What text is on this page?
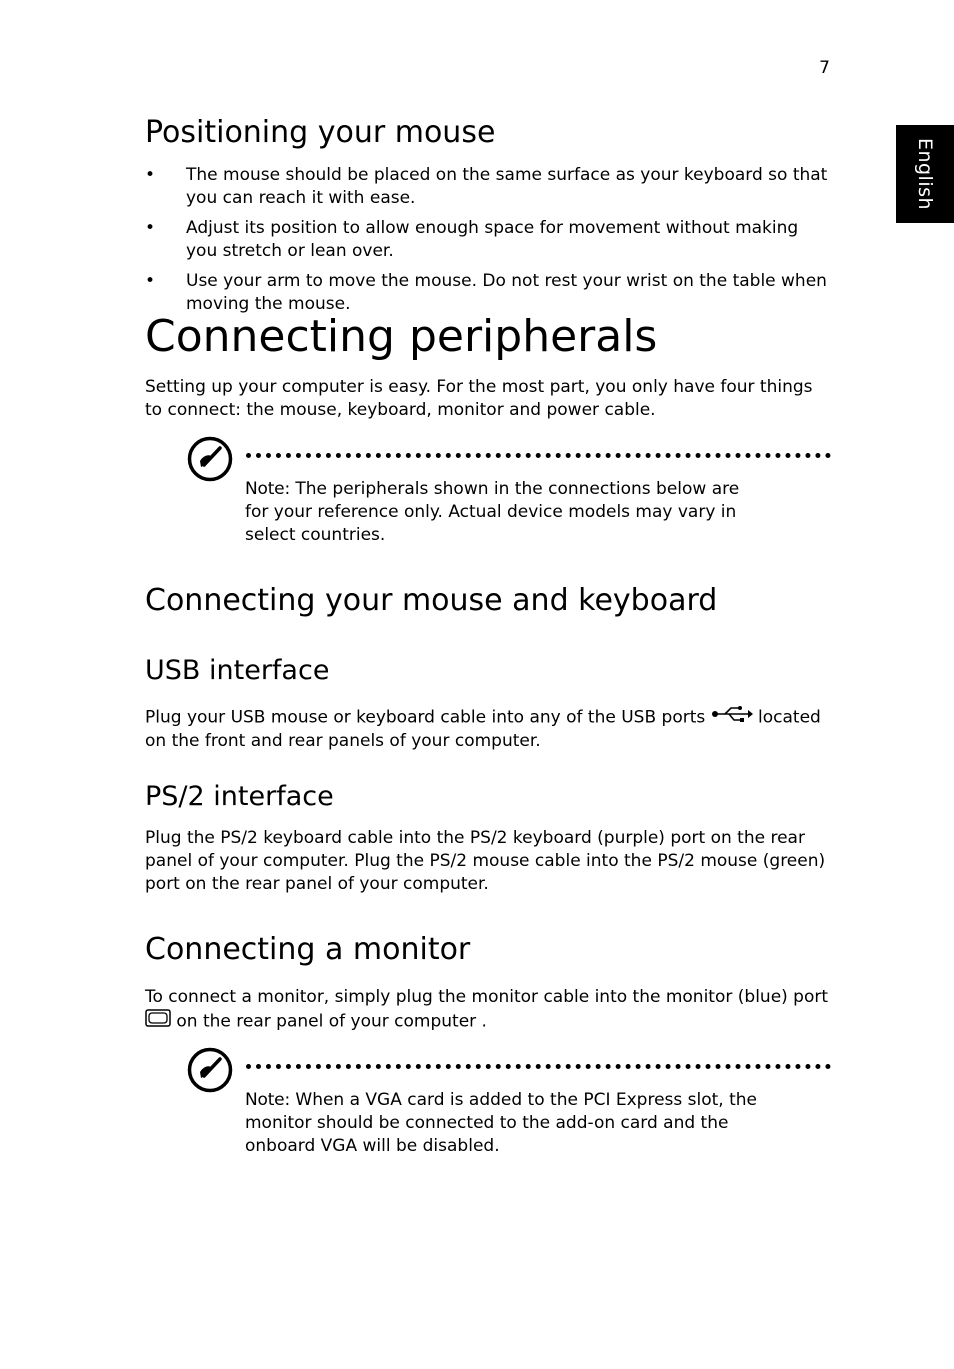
7
English
Positioning your mouse
• The mouse should be placed on the same surface as your keyboard so that you can reach it with ease.
• Adjust its position to allow enough space for movement without making you stretch or lean over.
• Use your arm to move the mouse. Do not rest your wrist on the table when moving the mouse.
Connecting peripherals

Setting up your computer is easy. For the most part, you only have four things to connect: the mouse, keyboard, monitor and power cable.

Note: The peripherals shown in the connections below are for your reference only. Actual device models may vary in select countries.
Connecting your mouse and keyboard
USB interface

Plug your USB mouse or keyboard cable into any of the USB ports  located on the front and rear panels of your computer.

PS/2 interface

Plug the PS/2 keyboard cable into the PS/2 keyboard (purple) port on the rear panel of your computer. Plug the PS/2 mouse cable into the PS/2 mouse (green) port on the rear panel of your computer.

Connecting a monitor

To connect a monitor, simply plug the monitor cable into the monitor (blue) port  on the rear panel of your computer .

Note: When a VGA card is added to the PCI Express slot, the monitor should be connected to the add-on card and the onboard VGA will be disabled.
